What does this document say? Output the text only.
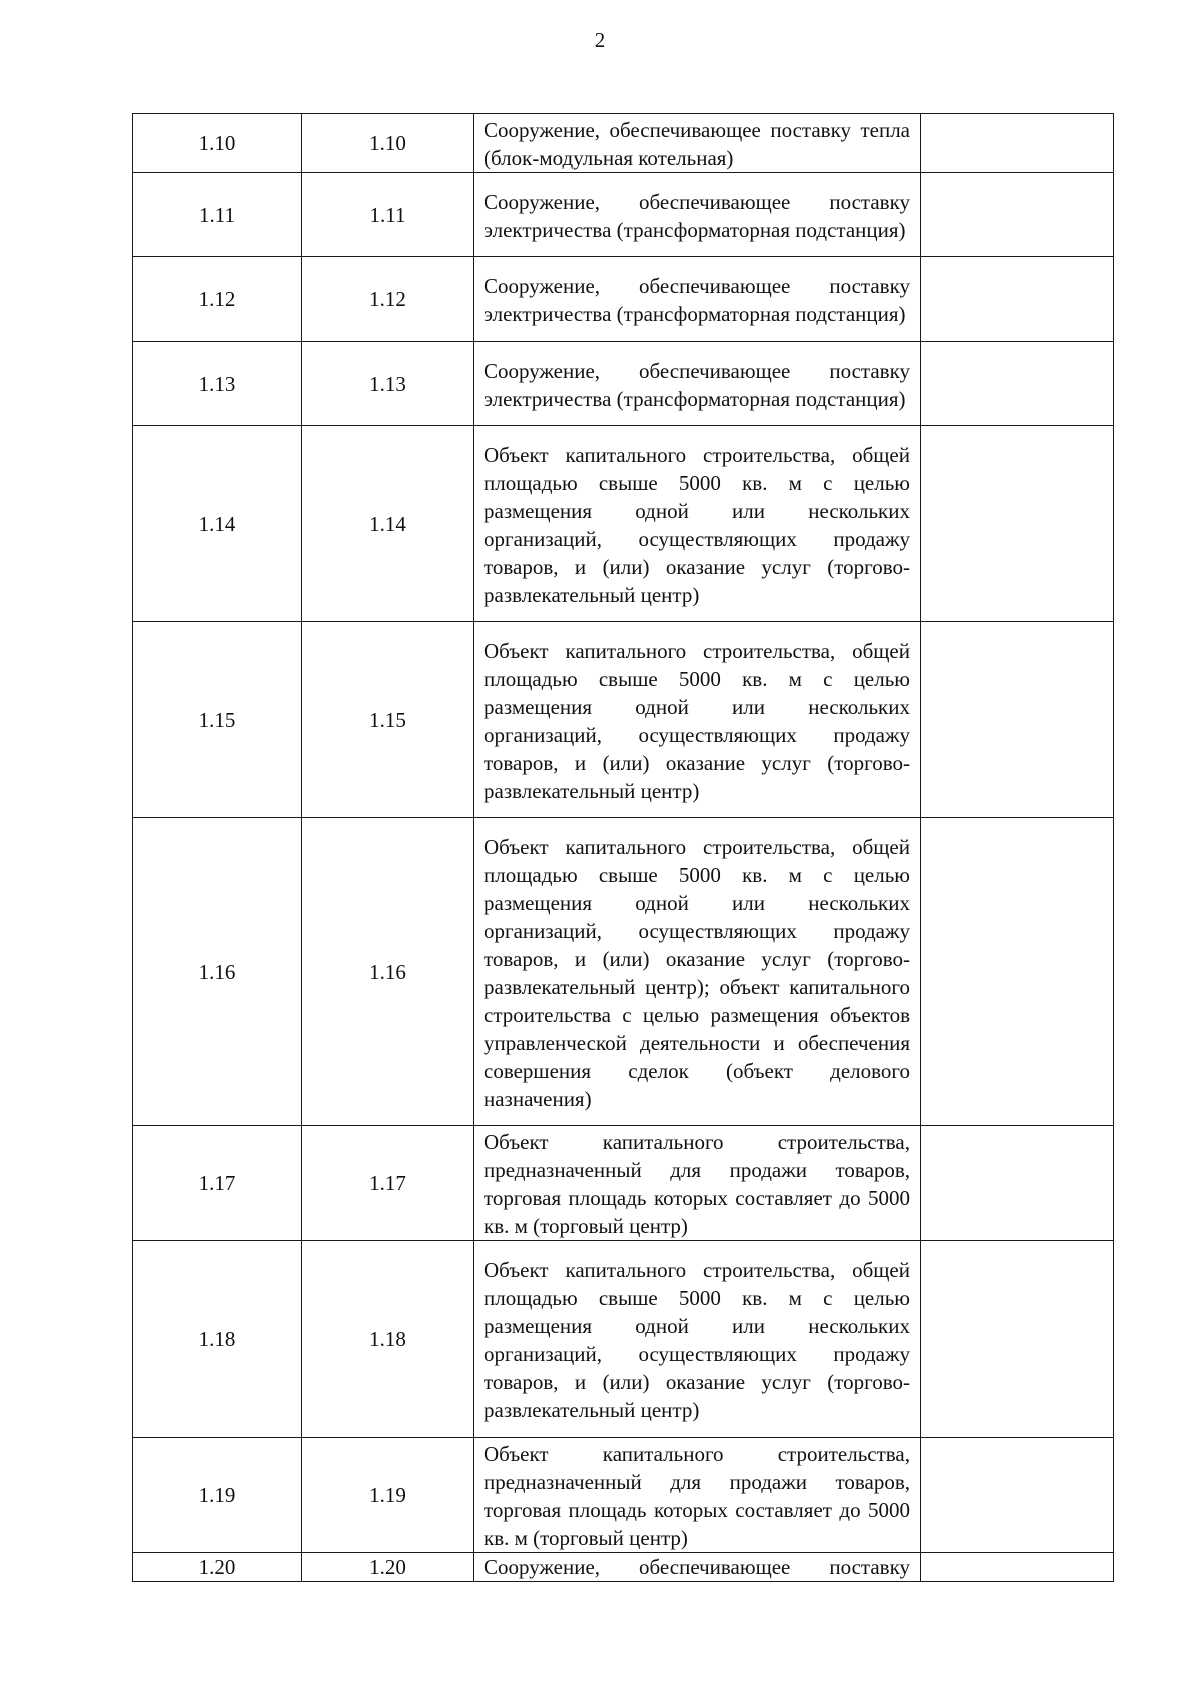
2
1.10	1.10	Сооружение, обеспечивающее поставку тепла (блок-модульная котельная)	
1.11	1.11	Сооружение, обеспечивающее поставку электричества (трансформаторная подстанция)	
1.12	1.12	Сооружение, обеспечивающее поставку электричества (трансформаторная подстанция)	
1.13	1.13	Сооружение, обеспечивающее поставку электричества (трансформаторная подстанция)	
1.14	1.14	Объект капитального строительства, общей площадью свыше 5000 кв. м с целью размещения одной или нескольких организаций, осуществляющих продажу товаров, и (или) оказание услуг (торгово-развлекательный центр)	
1.15	1.15	Объект капитального строительства, общей площадью свыше 5000 кв. м с целью размещения одной или нескольких организаций, осуществляющих продажу товаров, и (или) оказание услуг (торгово-развлекательный центр)	
1.16	1.16	Объект капитального строительства, общей площадью свыше 5000 кв. м с целью размещения одной или нескольких организаций, осуществляющих продажу товаров, и (или) оказание услуг (торгово-развлекательный центр); объект капитального строительства с целью размещения объектов управленческой деятельности и обеспечения совершения сделок (объект делового назначения)	
1.17	1.17	Объект капитального строительства, предназначенный для продажи товаров, торговая площадь которых составляет до 5000 кв. м (торговый центр)	
1.18	1.18	Объект капитального строительства, общей площадью свыше 5000 кв. м с целью размещения одной или нескольких организаций, осуществляющих продажу товаров, и (или) оказание услуг (торгово-развлекательный центр)	
1.19	1.19	Объект капитального строительства, предназначенный для продажи товаров, торговая площадь которых составляет до 5000 кв. м (торговый центр)	
1.20	1.20	Сооружение, обеспечивающее поставку	
